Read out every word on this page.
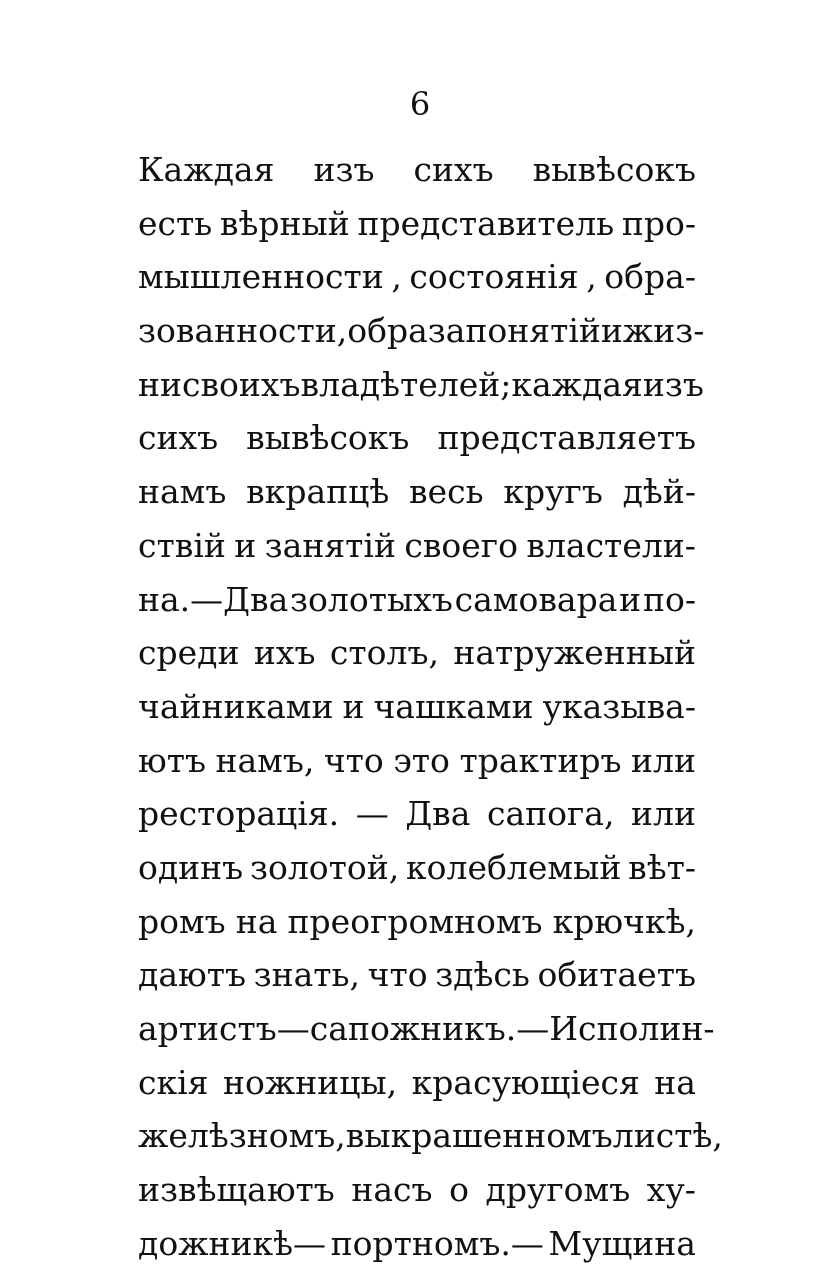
6
Каждая изъ сихъ вывѣсокъ
есть вѣрный представитель про-
мышленности , состоянія , обра-
зованности, образа понятій и жиз-
ни своихъ владѣтелей; каждая изъ
сихъ вывѣсокъ представляетъ
намъ вкрапцѣ весь кругъ дѣй-
ствій и занятій своего властели-
на.—Два золотыхъ самовара и по-
среди ихъ столъ, натруженный
чайниками и чашками указыва-
ютъ намъ, что это трактиръ или
ресторація. — Два сапога, или
одинъ золотой, колеблемый вѣт-
ромъ на преогромномъ крючкѣ,
даютъ знать, что здѣсь обитаетъ
артистъ — сапожникъ.—Исполин-
скія ножницы, красующіеся на
желѣзномъ, выкрашенномъ листѣ,
извѣщаютъ насъ о другомъ ху-
дожникѣ— портномъ.— Мущина
